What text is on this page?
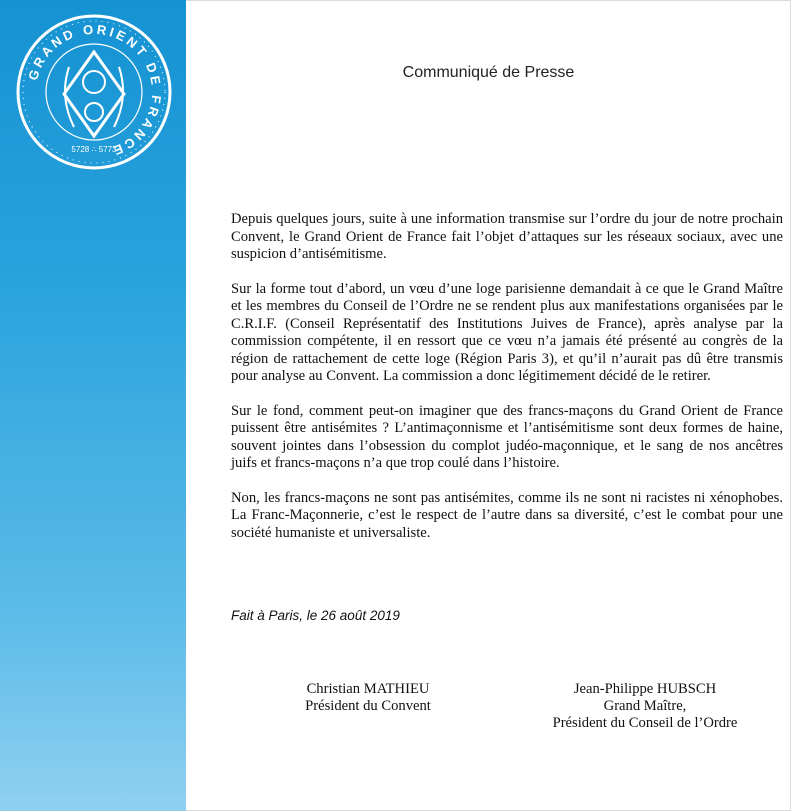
GRAND ORIENT DE FRANCE
5728 ∴ 5773
Communiqué de Presse

Depuis quelques jours, suite à une information transmise sur l’ordre du jour de notre prochain Convent, le Grand Orient de France fait l’objet d’attaques sur les réseaux sociaux, avec une suspicion d’antisémitisme.

Sur la forme tout d’abord, un vœu d’une loge parisienne demandait à ce que le Grand Maître et les membres du Conseil de l’Ordre ne se rendent plus aux manifestations organisées par le C.R.I.F. (Conseil Représentatif des Institutions Juives de France), après analyse par la commission compétente, il en ressort que ce vœu n’a jamais été présenté au congrès de la région de rattachement de cette loge (Région Paris 3), et qu’il n’aurait pas dû être transmis pour analyse au Convent. La commission a donc légitimement décidé de le retirer.

Sur le fond, comment peut-on imaginer que des francs-maçons du Grand Orient de France puissent être antisémites ? L’antimaçonnisme et l’antisémitisme sont deux formes de haine, souvent jointes dans l’obsession du complot judéo-maçonnique, et le sang de nos ancêtres juifs et francs-maçons n’a que trop coulé dans l’histoire.

Non, les francs-maçons ne sont pas antisémites, comme ils ne sont ni racistes ni xénophobes. La Franc-Maçonnerie, c’est le respect de l’autre dans sa diversité, c’est le combat pour une société humaniste et universaliste.

Fait à Paris, le 26 août 2019
Christian MATHIEU
Président du Convent
Jean-Philippe HUBSCH
Grand Maître,
Président du Conseil de l’Ordre
